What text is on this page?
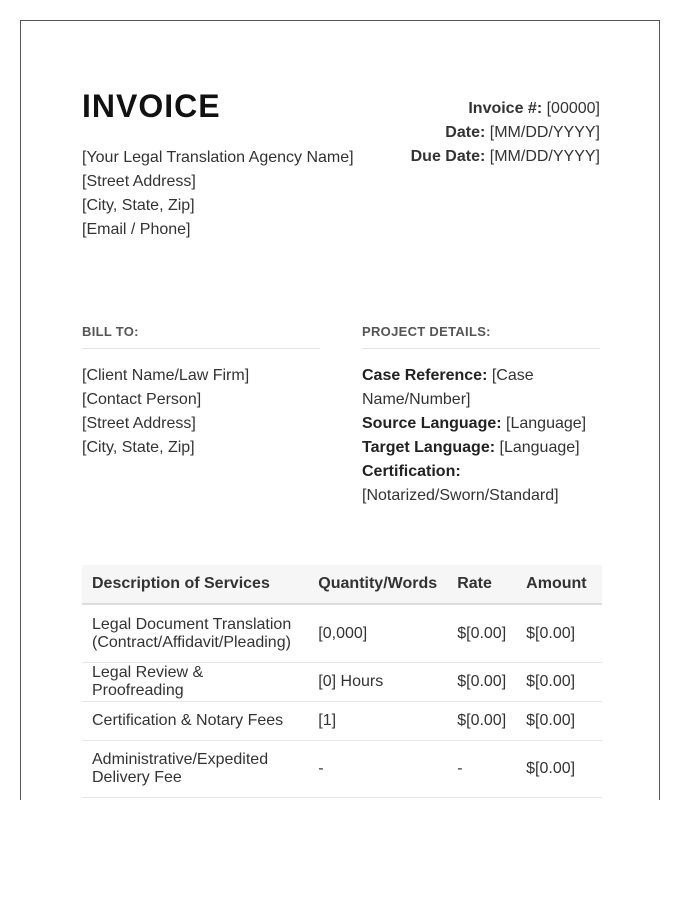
INVOICE
[Your Legal Translation Agency Name]
[Street Address]
[City, State, Zip]
[Email / Phone]
Invoice #: [00000]
Date: [MM/DD/YYYY]
Due Date: [MM/DD/YYYY]
BILL TO:	PROJECT DETAILS:
[Client Name/Law Firm]
[Contact Person]
[Street Address]
[City, State, Zip]
Case Reference: [Case Name/Number]
Source Language: [Language]
Target Language: [Language]
Certification: [Notarized/Sworn/Standard]
Description of Services	Quantity/Words	Rate	Amount
Legal Document Translation (Contract/Affidavit/Pleading)	[0,000]	$[0.00]	$[0.00]
Legal Review & Proofreading	[0] Hours	$[0.00]	$[0.00]
Certification & Notary Fees	[1]	$[0.00]	$[0.00]
Administrative/Expedited Delivery Fee	-	-	$[0.00]
